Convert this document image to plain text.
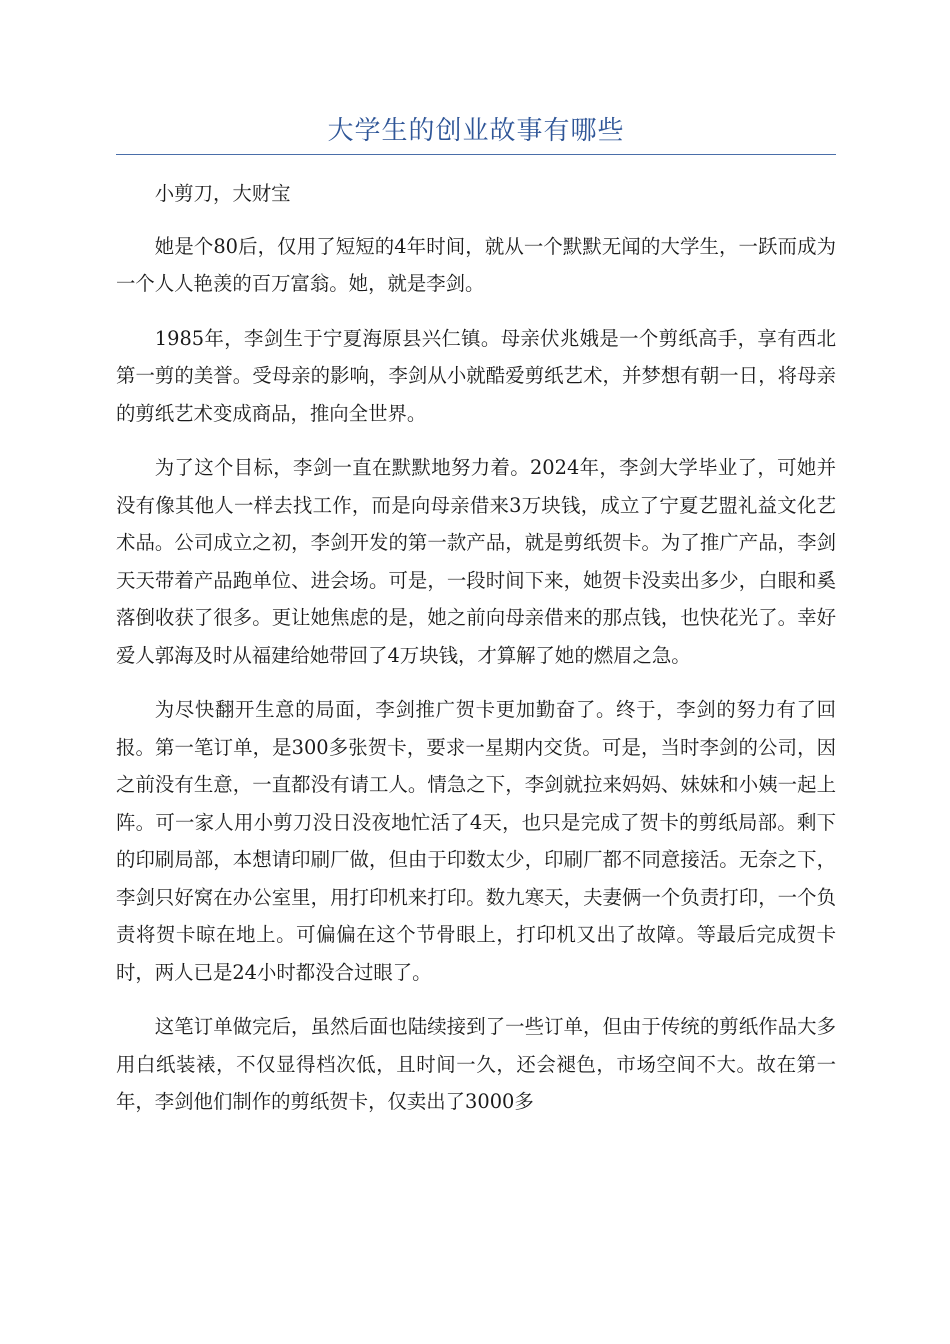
大学生的创业故事有哪些

小剪刀，大财宝

她是个80后，仅用了短短的4年时间，就从一个默默无闻的大学生，一跃而成为一个人人艳羡的百万富翁。她，就是李剑。

1985年，李剑生于宁夏海原县兴仁镇。母亲伏兆娥是一个剪纸高手，享有西北第一剪的美誉。受母亲的影响，李剑从小就酷爱剪纸艺术，并梦想有朝一日，将母亲的剪纸艺术变成商品，推向全世界。

为了这个目标，李剑一直在默默地努力着。2024年，李剑大学毕业了，可她并没有像其他人一样去找工作，而是向母亲借来3万块钱，成立了宁夏艺盟礼益文化艺术品。公司成立之初，李剑开发的第一款产品，就是剪纸贺卡。为了推广产品，李剑天天带着产品跑单位、进会场。可是，一段时间下来，她贺卡没卖出多少，白眼和奚落倒收获了很多。更让她焦虑的是，她之前向母亲借来的那点钱，也快花光了。幸好爱人郭海及时从福建给她带回了4万块钱，才算解了她的燃眉之急。

为尽快翻开生意的局面，李剑推广贺卡更加勤奋了。终于，李剑的努力有了回报。第一笔订单，是300多张贺卡，要求一星期内交货。可是，当时李剑的公司，因之前没有生意，一直都没有请工人。情急之下，李剑就拉来妈妈、妹妹和小姨一起上阵。可一家人用小剪刀没日没夜地忙活了4天，也只是完成了贺卡的剪纸局部。剩下的印刷局部，本想请印刷厂做，但由于印数太少，印刷厂都不同意接活。无奈之下，李剑只好窝在办公室里，用打印机来打印。数九寒天，夫妻俩一个负责打印，一个负责将贺卡晾在地上。可偏偏在这个节骨眼上，打印机又出了故障。等最后完成贺卡时，两人已是24小时都没合过眼了。

这笔订单做完后，虽然后面也陆续接到了一些订单，但由于传统的剪纸作品大多用白纸装裱，不仅显得档次低，且时间一久，还会褪色，市场空间不大。故在第一年，李剑他们制作的剪纸贺卡，仅卖出了3000多
